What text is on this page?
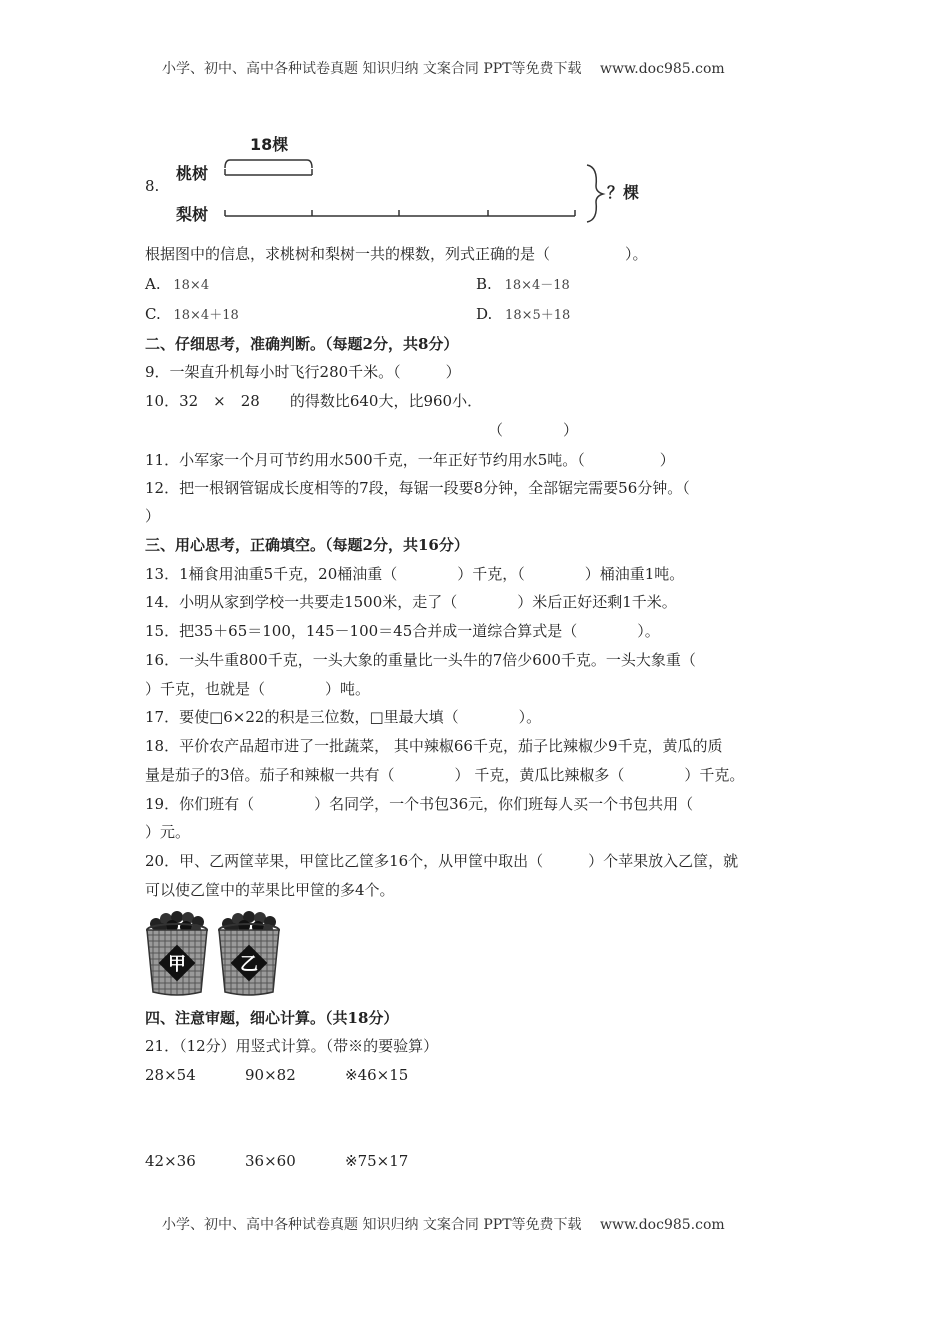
小学、初中、高中各种试卷真题 知识归纳 文案合同 PPT等免费下载　 www.doc985.com
8.
18棵
桃树
梨树
？棵
根据图中的信息，求桃树和梨树一共的棵数，列式正确的是（　　　　　）。
A. 18×4	B. 18×4－18
C. 18×4＋18	D. 18×5＋18
二、仔细思考，准确判断。（每题2分，共8分）
9．一架直升机每小时飞行280千米。（　　　）
10．32　×　28　　的得数比640大，比960小．
（　　　　）
11．小军家一个月可节约用水500千克，一年正好节约用水5吨。（　　　　　）
12．把一根钢管锯成长度相等的7段，每锯一段要8分钟，全部锯完需要56分钟。（
）
三、用心思考，正确填空。（每题2分，共16分）
13．1桶食用油重5千克，20桶油重（　　　　）千克，（　　　　）桶油重1吨。
14．小明从家到学校一共要走1500米，走了（　　　　）米后正好还剩1千米。
15．把35＋65＝100，145－100＝45合并成一道综合算式是（　　　　）。
16．一头牛重800千克，一头大象的重量比一头牛的7倍少600千克。一头大象重（
）千克，也就是（　　　　）吨。
17．要使□6×22的积是三位数，□里最大填（　　　　）。
18．平价农产品超市进了一批蔬菜， 其中辣椒66千克，茄子比辣椒少9千克，黄瓜的质
量是茄子的3倍。茄子和辣椒一共有（　　　　） 千克，黄瓜比辣椒多（　　　　）千克。
19．你们班有（　　　　）名同学，一个书包36元，你们班每人买一个书包共用（
）元。
20．甲、乙两筐苹果，甲筐比乙筐多16个，从甲筐中取出（　　　）个苹果放入乙筐，就
可以使乙筐中的苹果比甲筐的多4个。
甲	乙
四、注意审题，细心计算。（共18分）
21．（12分）用竖式计算。（带※的要验算）
28×54	90×82	※46×15
42×36	36×60	※75×17
小学、初中、高中各种试卷真题 知识归纳 文案合同 PPT等免费下载　 www.doc985.com
